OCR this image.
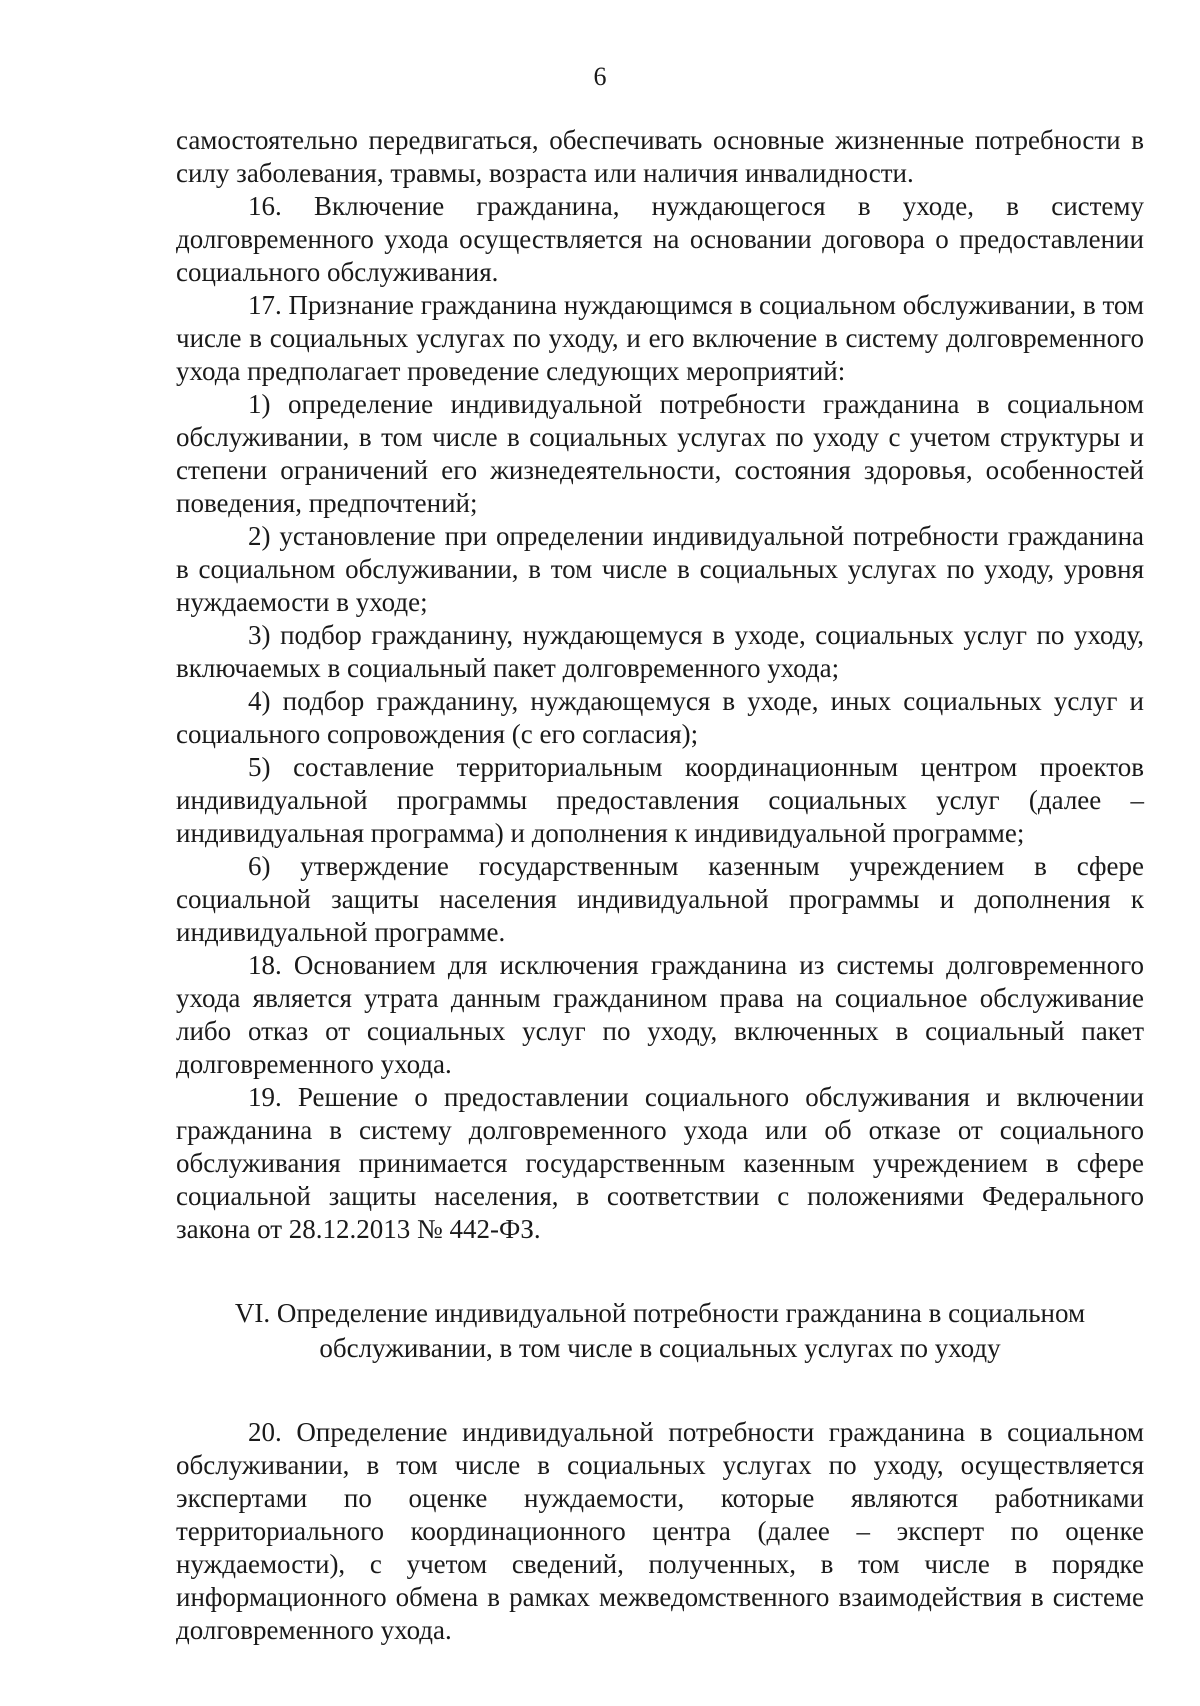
6

самостоятельно передвигаться, обеспечивать основные жизненные потребности в силу заболевания, травмы, возраста или наличия инвалидности.

16. Включение гражданина, нуждающегося в уходе, в систему долговременного ухода осуществляется на основании договора о предоставлении социального обслуживания.

17. Признание гражданина нуждающимся в социальном обслуживании, в том числе в социальных услугах по уходу, и его включение в систему долговременного ухода предполагает проведение следующих мероприятий:

1) определение индивидуальной потребности гражданина в социальном обслуживании, в том числе в социальных услугах по уходу с учетом структуры и степени ограничений его жизнедеятельности, состояния здоровья, особенностей поведения, предпочтений;

2) установление при определении индивидуальной потребности гражданина в социальном обслуживании, в том числе в социальных услугах по уходу, уровня нуждаемости в уходе;

3) подбор гражданину, нуждающемуся в уходе, социальных услуг по уходу, включаемых в социальный пакет долговременного ухода;

4) подбор гражданину, нуждающемуся в уходе, иных социальных услуг и социального сопровождения (с его согласия);

5) составление территориальным координационным центром проектов индивидуальной программы предоставления социальных услуг (далее – индивидуальная программа) и дополнения к индивидуальной программе;

6) утверждение государственным казенным учреждением в сфере социальной защиты населения индивидуальной программы и дополнения к индивидуальной программе.

18. Основанием для исключения гражданина из системы долговременного ухода является утрата данным гражданином права на социальное обслуживание либо отказ от социальных услуг по уходу, включенных в социальный пакет долговременного ухода.

19. Решение о предоставлении социального обслуживания и включении гражданина в систему долговременного ухода или об отказе от социального обслуживания принимается государственным казенным учреждением в сфере социальной защиты населения, в соответствии с положениями Федерального закона от 28.12.2013 № 442-ФЗ.

VI. Определение индивидуальной потребности гражданина в социальном
обслуживании, в том числе в социальных услугах по уходу

20. Определение индивидуальной потребности гражданина в социальном обслуживании, в том числе в социальных услугах по уходу, осуществляется экспертами по оценке нуждаемости, которые являются работниками территориального координационного центра (далее – эксперт по оценке нуждаемости), с учетом сведений, полученных, в том числе в порядке информационного обмена в рамках межведомственного взаимодействия в системе долговременного ухода.
